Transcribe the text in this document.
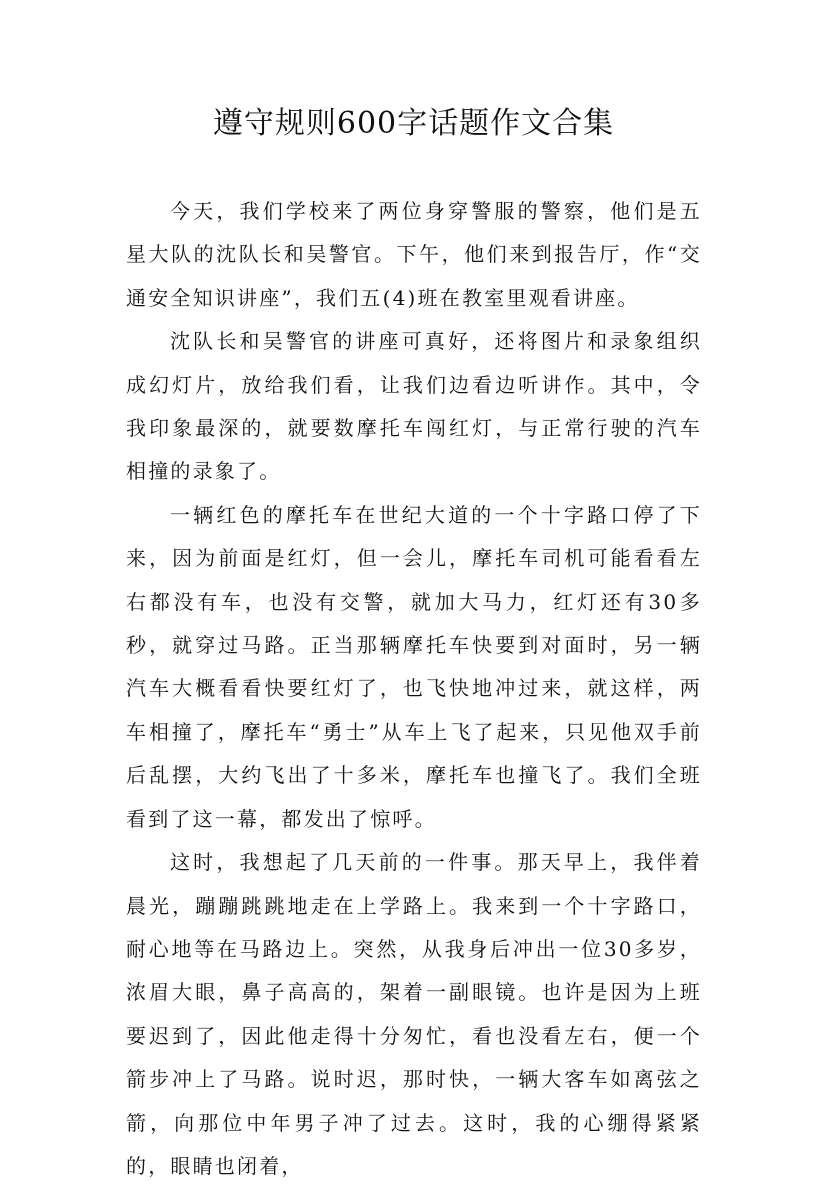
遵守规则600字话题作文合集

今天，我们学校来了两位身穿警服的警察，他们是五星大队的沈队长和吴警官。下午，他们来到报告厅，作“交通安全知识讲座”，我们五(4)班在教室里观看讲座。

沈队长和吴警官的讲座可真好，还将图片和录象组织成幻灯片，放给我们看，让我们边看边听讲作。其中，令我印象最深的，就要数摩托车闯红灯，与正常行驶的汽车相撞的录象了。

一辆红色的摩托车在世纪大道的一个十字路口停了下来，因为前面是红灯，但一会儿，摩托车司机可能看看左右都没有车，也没有交警，就加大马力，红灯还有30多秒，就穿过马路。正当那辆摩托车快要到对面时，另一辆汽车大概看看快要红灯了，也飞快地冲过来，就这样，两车相撞了，摩托车“勇士”从车上飞了起来，只见他双手前后乱摆，大约飞出了十多米，摩托车也撞飞了。我们全班看到了这一幕，都发出了惊呼。

这时，我想起了几天前的一件事。那天早上，我伴着晨光，蹦蹦跳跳地走在上学路上。我来到一个十字路口，耐心地等在马路边上。突然，从我身后冲出一位30多岁，浓眉大眼，鼻子高高的，架着一副眼镜。也许是因为上班要迟到了，因此他走得十分匆忙，看也没看左右，便一个箭步冲上了马路。说时迟，那时快，一辆大客车如离弦之箭，向那位中年男子冲了过去。这时，我的心绷得紧紧的，眼睛也闭着，
